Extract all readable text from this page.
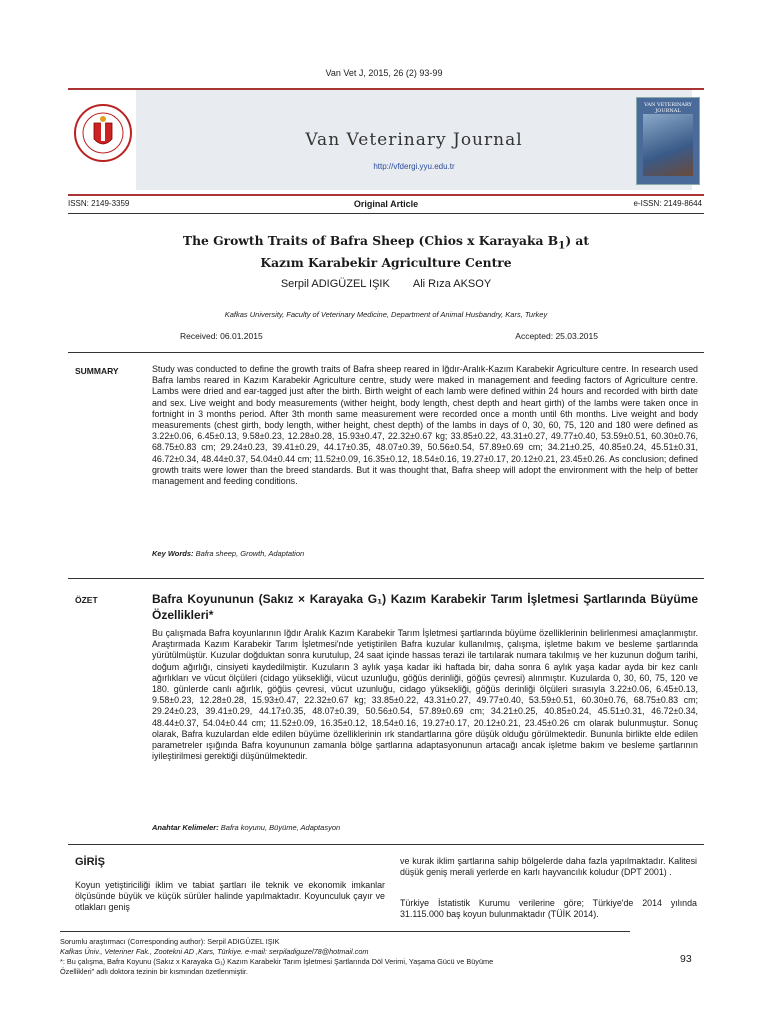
Van Vet J, 2015, 26 (2) 93-99
Van Veterinary Journal
http://vfdergi.yyu.edu.tr
VAN VETERINARY JOURNAL
ISSN: 2149-3359	Original Article	e-ISSN: 2149-8644
The Growth Traits of Bafra Sheep (Chios x Karayaka $B_1$) at
Kazım Karabekir Agriculture Centre
Serpil ADIGÜZEL IŞIK Ali Rıza AKSOY
Kafkas University, Faculty of Veterinary Medicine, Department of Animal Husbandry, Kars, Turkey
Received: 06.01.2015	Accepted: 25.03.2015
SUMMARY	Study was conducted to define the growth traits of Bafra sheep reared in Iğdır-Aralık-Kazım Karabekir Agriculture centre. In research used Bafra lambs reared in Kazım Karabekir Agriculture centre, study were maked in management and feeding factors of Agriculture centre. Lambs were dried and ear-tagged just after the birth. Birth weight of each lamb were defined within 24 hours and recorded with birth date and sex. Live weight and body measurements (wither height, body length, chest depth and heart girth) of the lambs were taken once in fortnight in 3 months period. After 3th month same measurement were recorded once a month until 6th months. Live weight and body measurements (chest girth, body length, wither height, chest depth) of the lambs in days of 0, 30, 60, 75, 120 and 180 were defined as 3.22±0.06, 6.45±0.13, 9.58±0.23, 12.28±0.28, 15.93±0.47, 22.32±0.67 kg; 33.85±0.22, 43.31±0.27, 49.77±0.40, 53.59±0.51, 60.30±0.76, 68.75±0.83 cm; 29.24±0.23, 39.41±0.29, 44.17±0.35, 48.07±0.39, 50.56±0.54, 57.89±0.69 cm; 34.21±0.25, 40.85±0.24, 45.51±0.31, 46.72±0.34, 48.44±0.37, 54.04±0.44 cm; 11.52±0.09, 16.35±0.12, 18.54±0.16, 19.27±0.17, 20.12±0.21, 23.45±0.26. As conclusion; defined growth traits were lower than the breed standards. But it was thought that, Bafra sheep will adopt the environment with the help of better management and feeding conditions.
Key Words: Bafra sheep, Growth, Adaptation
ÖZET	Bafra Koyununun (Sakız × Karayaka G₁) Kazım Karabekir Tarım İşletmesi Şartlarında Büyüme Özellikleri*
Bu çalışmada Bafra koyunlarının Iğdır Aralık Kazım Karabekir Tarım İşletmesi şartlarında büyüme özelliklerinin belirlenmesi amaçlanmıştır. Araştırmada Kazım Karabekir Tarım İşletmesi'nde yetiştirilen Bafra kuzular kullanılmış, çalışma, işletme bakım ve besleme şartlarında yürütülmüştür. Kuzular doğduktan sonra kurutulup, 24 saat içinde hassas terazi ile tartılarak numara takılmış ve her kuzunun doğum tarihi, doğum ağırlığı, cinsiyeti kaydedilmiştir. Kuzuların 3 aylık yaşa kadar iki haftada bir, daha sonra 6 aylık yaşa kadar ayda bir kez canlı ağırlıkları ve vücut ölçüleri (cidago yüksekliği, vücut uzunluğu, göğüs derinliği, göğüs çevresi) alınmıştır. Kuzularda 0, 30, 60, 75, 120 ve 180. günlerde canlı ağırlık, göğüs çevresi, vücut uzunluğu, cidago yüksekliği, göğüs derinliği ölçüleri sırasıyla 3.22±0.06, 6.45±0.13, 9.58±0.23, 12.28±0.28, 15.93±0.47, 22.32±0.67 kg; 33.85±0.22, 43.31±0.27, 49.77±0.40, 53.59±0.51, 60.30±0.76, 68.75±0.83 cm; 29.24±0.23, 39.41±0.29, 44.17±0.35, 48.07±0.39, 50.56±0.54, 57.89±0.69 cm; 34.21±0.25, 40.85±0.24, 45.51±0.31, 46.72±0.34, 48.44±0.37, 54.04±0.44 cm; 11.52±0.09, 16.35±0.12, 18.54±0.16, 19.27±0.17, 20.12±0.21, 23.45±0.26 cm olarak bulunmuştur. Sonuç olarak, Bafra kuzulardan elde edilen büyüme özelliklerinin ırk standartlarına göre düşük olduğu görülmektedir. Bununla birlikte elde edilen parametreler ışığında Bafra koyununun zamanla bölge şartlarına adaptasyonunun artacağı ancak işletme bakım ve besleme şartlarının iyileştirilmesi gerektiği düşünülmektedir.
Anahtar Kelimeler: Bafra koyunu, Büyüme, Adaptasyon
GİRİŞ
Koyun yetiştiriciliği iklim ve tabiat şartları ile teknik ve ekonomik imkanlar ölçüsünde büyük ve küçük sürüler halinde yapılmaktadır. Koyunculuk çayır ve otlakları geniş
ve kurak iklim şartlarına sahip bölgelerde daha fazla yapılmaktadır. Kalitesi düşük geniş merali yerlerde en karlı hayvancılık koludur (DPT 2001) .
Türkiye İstatistik Kurumu verilerine göre; Türkiye'de 2014 yılında 31.115.000 baş koyun bulunmaktadır (TÜİK 2014).
Sorumlu araştırmacı (Corresponding author): Serpil ADIGÜZEL IŞIK
Kafkas Üniv., Veteriner Fak., Zootekni AD ,Kars, Türkiye. e-mail: serpiladiguzel78@hotmail.com
*: Bu çalışma, Bafra Koyunu (Sakız x Karayaka G₁) Kazım Karabekir Tarım İşletmesi Şartlarında Döl Verimi, Yaşama Gücü ve Büyüme
Özellikleri" adlı doktora tezinin bir kısmından özetlenmiştir.
93
